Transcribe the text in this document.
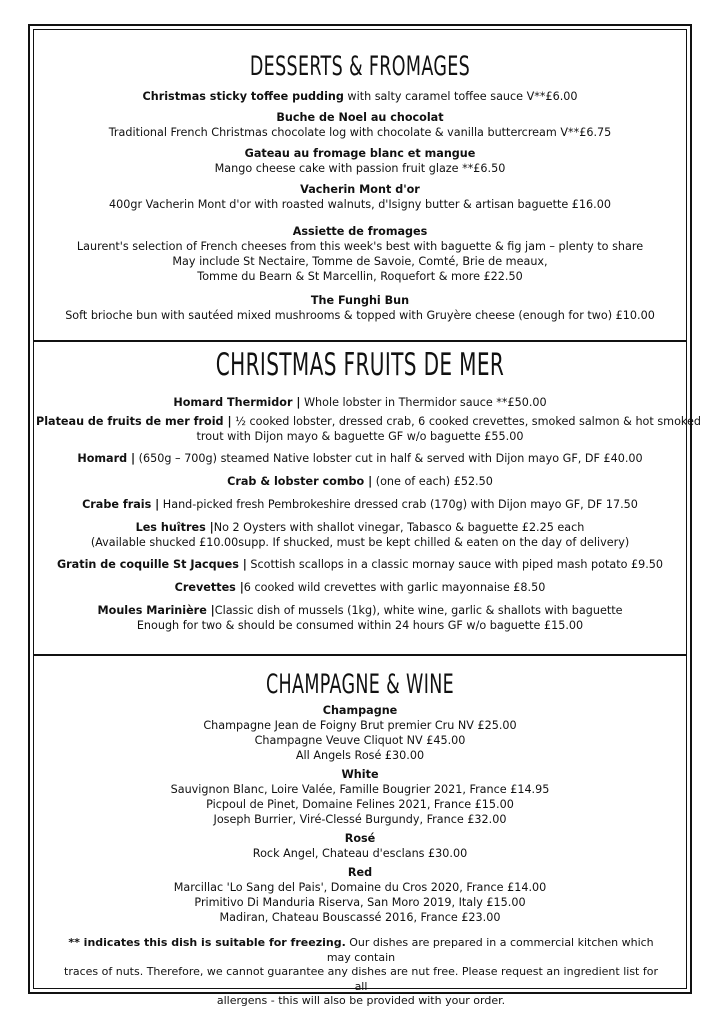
DESSERTS & FROMAGES

Christmas sticky toffee pudding with salty caramel toffee sauce V**£6.00

Buche de Noel au chocolat

Traditional French Christmas chocolate log with chocolate & vanilla buttercream V**£6.75

Gateau au fromage blanc et mangue

Mango cheese cake with passion fruit glaze **£6.50

Vacherin Mont d'or

400gr Vacherin Mont d'or with roasted walnuts, d'Isigny butter & artisan baguette £16.00

Assiette de fromages

Laurent's selection of French cheeses from this week's best with baguette & fig jam – plenty to share

May include St Nectaire, Tomme de Savoie, Comté, Brie de meaux,

Tomme du Bearn & St Marcellin, Roquefort & more £22.50

The Funghi Bun

Soft brioche bun with sautéed mixed mushrooms & topped with Gruyère cheese (enough for two) £10.00

CHRISTMAS FRUITS DE MER

Homard Thermidor | Whole lobster in Thermidor sauce **£50.00

Plateau de fruits de mer froid | ½ cooked lobster, dressed crab, 6 cooked crevettes, smoked salmon & hot smoked

trout with Dijon mayo & baguette GF w/o baguette £55.00

Homard | (650g – 700g) steamed Native lobster cut in half & served with Dijon mayo GF, DF £40.00

Crab & lobster combo | (one of each) £52.50

Crabe frais | Hand-picked fresh Pembrokeshire dressed crab (170g) with Dijon mayo GF, DF 17.50

Les huîtres |No 2 Oysters with shallot vinegar, Tabasco & baguette £2.25 each

(Available shucked £10.00supp. If shucked, must be kept chilled & eaten on the day of delivery)

Gratin de coquille St Jacques | Scottish scallops in a classic mornay sauce with piped mash potato £9.50

Crevettes |6 cooked wild crevettes with garlic mayonnaise £8.50

Moules Marinière |Classic dish of mussels (1kg), white wine, garlic & shallots with baguette

Enough for two & should be consumed within 24 hours GF w/o baguette £15.00

CHAMPAGNE & WINE
Champagne

Champagne Jean de Foigny Brut premier Cru NV £25.00

Champagne Veuve Cliquot NV £45.00

All Angels Rosé £30.00

White

Sauvignon Blanc, Loire Valée, Famille Bougrier 2021, France £14.95

Picpoul de Pinet, Domaine Felines 2021, France £15.00

Joseph Burrier, Viré-Clessé Burgundy, France £32.00

Rosé

Rock Angel, Chateau d'esclans £30.00

Red

Marcillac 'Lo Sang del Pais', Domaine du Cros 2020, France £14.00

Primitivo Di Manduria Riserva, San Moro 2019, Italy £15.00

Madiran, Chateau Bouscassé 2016, France £23.00

** indicates this dish is suitable for freezing. Our dishes are prepared in a commercial kitchen which may contain
traces of nuts. Therefore, we cannot guarantee any dishes are nut free. Please request an ingredient list for all
allergens - this will also be provided with your order.
